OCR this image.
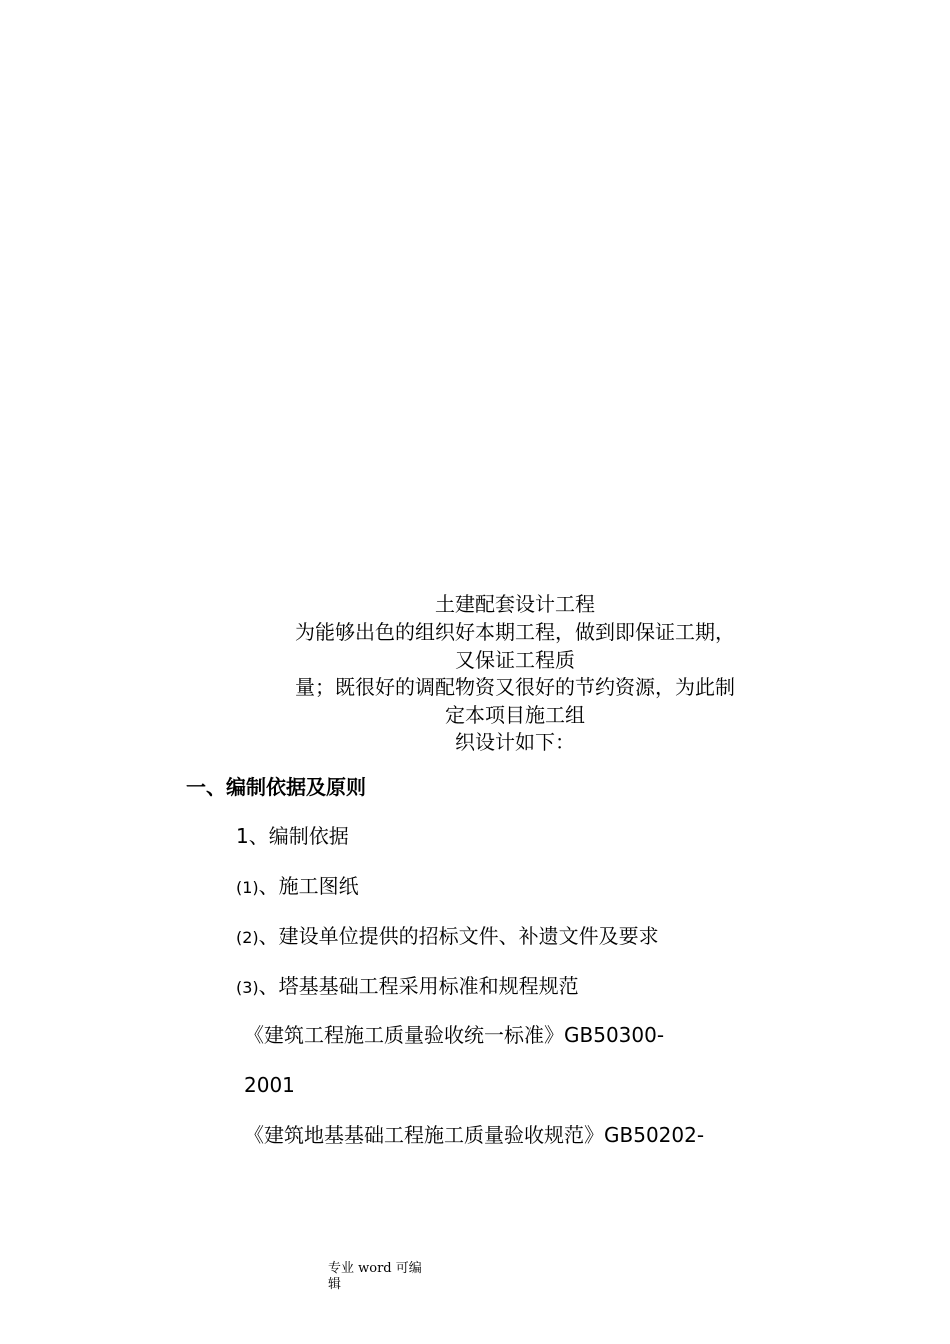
土建配套设计工程
为能够出色的组织好本期工程，做到即保证工期，
又保证工程质
量；既很好的调配物资又很好的节约资源，为此制
定本项目施工组
织设计如下：
一、编制依据及原则
1、编制依据
(1)、施工图纸
(2)、建设单位提供的招标文件、补遗文件及要求
(3)、塔基基础工程采用标准和规程规范
《建筑工程施工质量验收统一标准》GB50300-
2001
《建筑地基基础工程施工质量验收规范》GB50202-
专业 word 可编
辑
